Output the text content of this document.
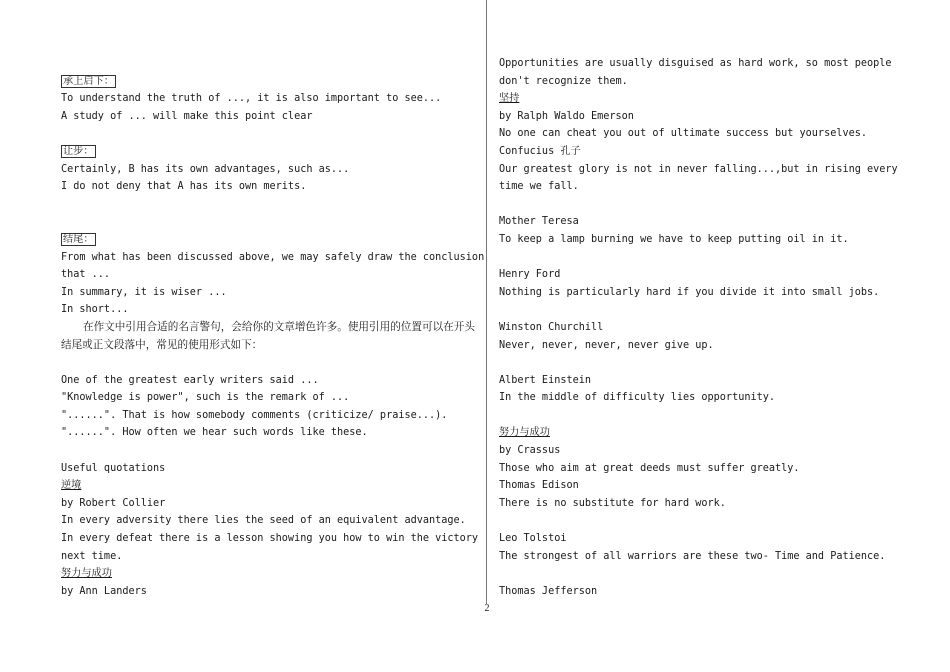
承上启下：
To understand the truth of ..., it is also important to see...
A study of ... will make this point clear
让步：
Certainly, B has its own advantages, such as...
I do not deny that A has its own merits.
结尾：
From what has been discussed above, we may safely draw the conclusion
that ...
In summary, it is wiser ...
In short...
在作文中引用合适的名言警句，会给你的文章增色许多。使用引用的位置可以在开头结尾或正文段落中，常见的使用形式如下：
One of the greatest early writers said ...
"Knowledge is power", such is the remark of ...
"......". That is how somebody comments (criticize/ praise...).
"......". How often we hear such words like these.
Useful quotations
逆境
by Robert Collier
In every adversity there lies the seed of an equivalent advantage.
In every defeat there is a lesson showing you how to win the victory
next time.
努力与成功
by Ann Landers
Opportunities are usually disguised as hard work, so most people
don't recognize them.
坚持
by Ralph Waldo Emerson
No one can cheat you out of ultimate success but yourselves.
Confucius 孔子
Our greatest glory is not in never falling...,but in rising every
time we fall.
Mother Teresa
To keep a lamp burning we have to keep putting oil in it.
Henry Ford
Nothing is particularly hard if you divide it into small jobs.
Winston Churchill
Never, never, never, never give up.
Albert Einstein
In the middle of difficulty lies opportunity.
努力与成功
by Crassus
Those who aim at great deeds must suffer greatly.
Thomas Edison
There is no substitute for hard work.
Leo Tolstoi
The strongest of all warriors are these two- Time and Patience.
Thomas Jefferson
2
